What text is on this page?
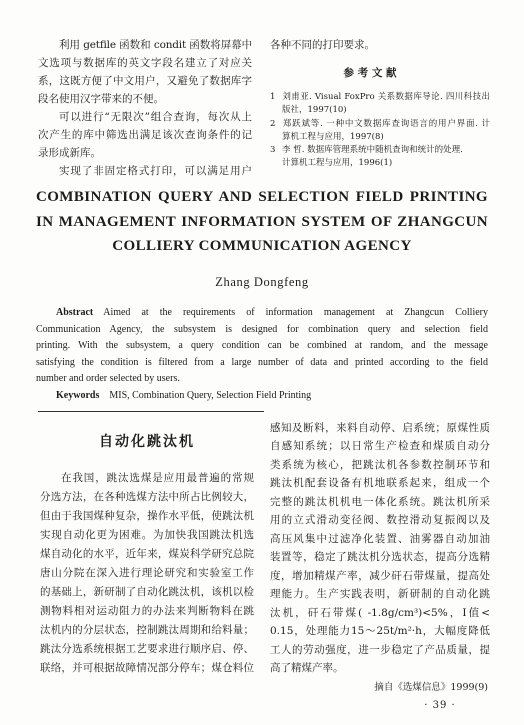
利用 getfile 函数和 condit 函数将屏幕中
文选项与数据库的英文字段名建立了对应关
系，这既方便了中文用户，又避免了数据库字
段名使用汉字带来的不便。
可以进行“无限次”组合查询，每次从上
次产生的库中筛选出满足该次查询条件的记
录形成新库。
实现了非固定格式打印，可以满足用户
各种不同的打印要求。
参 考 文 献
1 刘甫亚. Visual FoxPro 关系数据库导论. 四川科技出
版社，1997(10)
2 郑跃斌等. 一种中文数据库查询语言的用户界面. 计
算机工程与应用，1997(8)
3 李 哲. 数据库管理系统中随机查询和统计的处理.
计算机工程与应用，1996(1)
COMBINATION QUERY AND SELECTION FIELD PRINTING
IN MANAGEMENT INFORMATION SYSTEM OF ZHANGCUN
COLLIERY COMMUNICATION AGENCY
Zhang Dongfeng
Abstract Aimed at the requirements of information management at Zhangcun Colliery
Communication Agency, the subsystem is designed for combination query and selection field
printing. With the subsystem, a query condition can be combined at random, and the message
satisfying the condition is filtered from a large number of data and printed according to the field
number and order selected by users.
Keywords MIS, Combination Query, Selection Field Printing
自动化跳汰机
在我国，跳汰选煤是应用最普遍的常规
分选方法，在各种选煤方法中所占比例较大，
但由于我国煤种复杂，操作水平低，使跳汰机
实现自动化更为困难。为加快我国跳汰机选
煤自动化的水平，近年来，煤炭科学研究总院
唐山分院在深入进行理论研究和实验室工作
的基础上，新研制了自动化跳汰机，该机以检
测物料相对运动阻力的办法来判断物料在跳
汰机内的分层状态，控制跳汰周期和给料量；
跳汰分选系统根据工艺要求进行顺序启、停、
联络，并可根据故障情况部分停车；煤仓料位
感知及断料，来料自动停、启系统；原煤性质
自感知系统；以日常生产检查和煤质自动分
类系统为核心，把跳汰机各参数控制环节和
跳汰机配套设备有机地联系起来，组成一个
完整的跳汰机机电一体化系统。跳汰机所采
用的立式滑动变径阀、数控滑动复振阀以及
高压风集中过滤净化装置、油雾器自动加油
装置等，稳定了跳汰机分选状态，提高分选精
度，增加精煤产率，减少矸石带煤量，提高处
理能力。生产实践表明，新研制的自动化跳
汰机，矸石带煤( -1.8g/cm³)<5%，I值<
0.15，处理能力15～25t/m²·h，大幅度降低
工人的劳动强度，进一步稳定了产品质量，提
高了精煤产率。
摘自《选煤信息》1999(9)
· 39 ·
